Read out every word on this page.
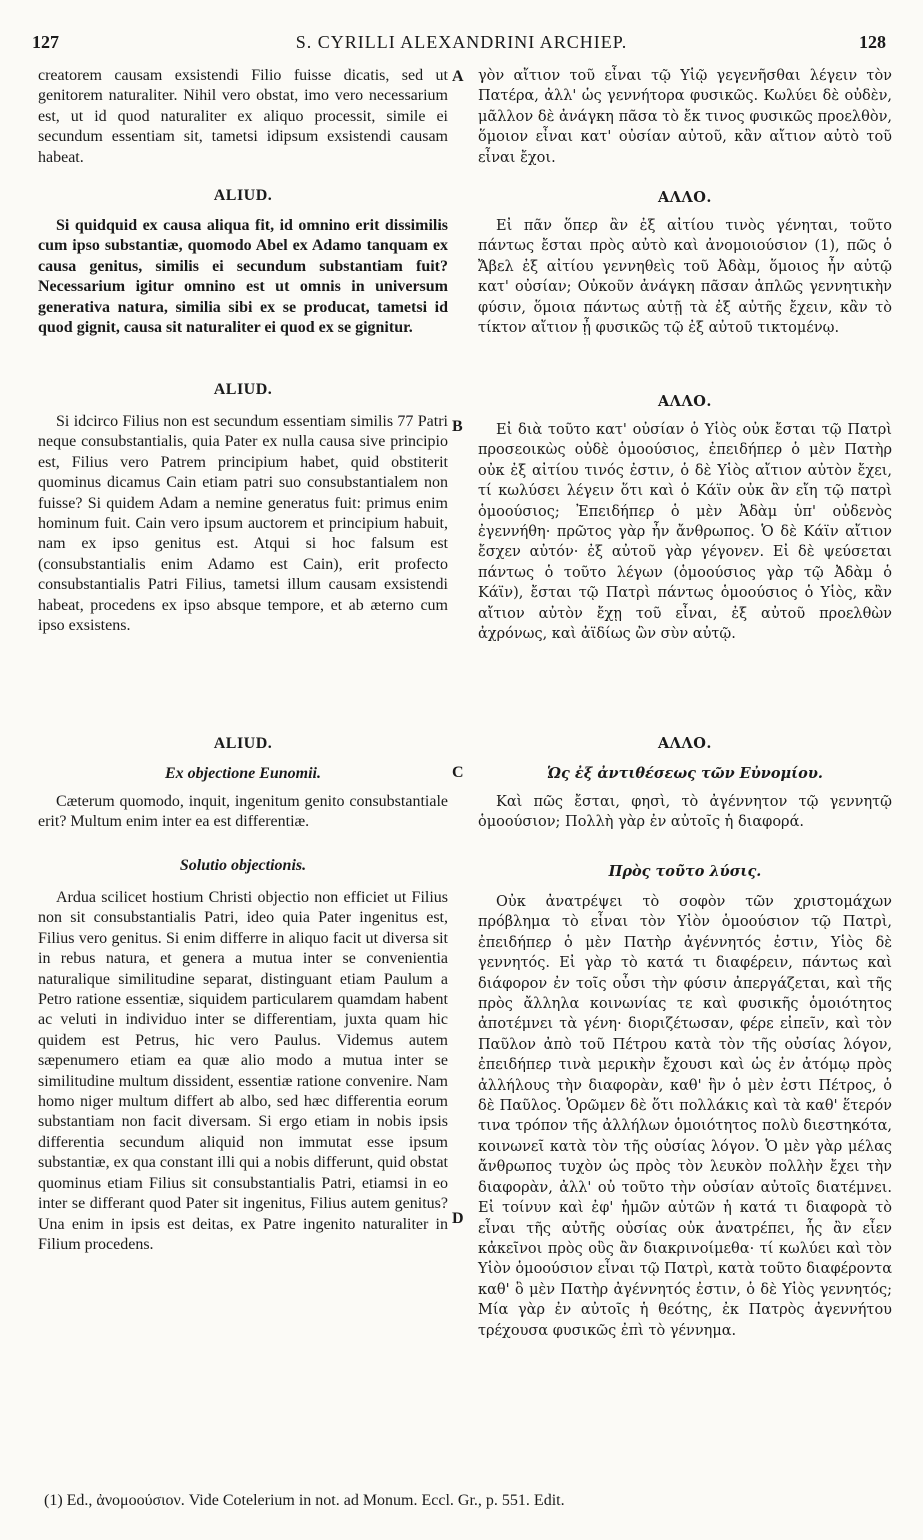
127	S. CYRILLI ALEXANDRINI ARCHIEP.	128

creatorem causam exsistendi Filio fuisse dicatis, sed ut genitorem naturaliter. Nihil vero obstat, imo vero necessarium est, ut id quod naturaliter ex aliquo processit, simile ei secundum essentiam sit, tametsi idipsum exsistendi causam habeat.

ALIUD.

Si quidquid ex causa aliqua fit, id omnino erit dissimilis cum ipso substantiæ, quomodo Abel ex Adamo tanquam ex causa genitus, similis ei secundum substantiam fuit? Necessarium igitur omnino est ut omnis in universum generativa natura, similia sibi ex se producat, tametsi id quod gignit, causa sit naturaliter ei quod ex se gignitur.

ALIUD.

Si idcirco Filius non est secundum essentiam similis 77 Patri neque consubstantialis, quia Pater ex nulla causa sive principio est, Filius vero Patrem principium habet, quid obstiterit quominus dicamus Cain etiam patri suo consubstantialem non fuisse? Si quidem Adam a nemine generatus fuit: primus enim hominum fuit. Cain vero ipsum auctorem et principium habuit, nam ex ipso genitus est. Atqui si hoc falsum est (consubstantialis enim Adamo est Cain), erit profecto consubstantialis Patri Filius, tametsi illum causam exsistendi habeat, procedens ex ipso absque tempore, et ab æterno cum ipso exsistens.

ALIUD.
Ex objectione Eunomii.

Cæterum quomodo, inquit, ingenitum genito consubstantiale erit? Multum enim inter ea est differentiæ.

Solutio objectionis.

Ardua scilicet hostium Christi objectio non efficiet ut Filius non sit consubstantialis Patri, ideo quia Pater ingenitus est, Filius vero genitus. Si enim differre in aliquo facit ut diversa sit in rebus natura, et genera a mutua inter se convenientia naturalique similitudine separat, distinguant etiam Paulum a Petro ratione essentiæ, siquidem particularem quamdam habent ac veluti in individuo inter se differentiam, juxta quam hic quidem est Petrus, hic vero Paulus. Videmus autem sæpenumero etiam ea quæ alio modo a mutua inter se similitudine multum dissident, essentiæ ratione convenire. Nam homo niger multum differt ab albo, sed hæc differentia eorum substantiam non facit diversam. Si ergo etiam in nobis ipsis differentia secundum aliquid non immutat esse ipsum substantiæ, ex qua constant illi qui a nobis differunt, quid obstat quominus etiam Filius sit consubstantialis Patri, etiamsi in eo inter se differant quod Pater sit ingenitus, Filius autem genitus? Una enim in ipsis est deitas, ex Patre ingenito naturaliter in Filium procedens.

A
B
C
D

γὸν αἴτιον τοῦ εἶναι τῷ Υἱῷ γεγενῆσθαι λέγειν τὸν Πατέρα, ἀλλ' ὡς γεννήτορα φυσικῶς. Κωλύει δὲ οὐδὲν, μᾶλλον δὲ ἀνάγκη πᾶσα τὸ ἔκ τινος φυσικῶς προελθὸν, ὅμοιον εἶναι κατ' οὐσίαν αὐτοῦ, κἂν αἴτιον αὐτὸ τοῦ εἶναι ἔχοι.

ΑΛΛΟ.

Εἰ πᾶν ὅπερ ἂν ἐξ αἰτίου τινὸς γένηται, τοῦτο πάντως ἔσται πρὸς αὐτὸ καὶ ἀνομοιούσιον (1), πῶς ὁ Ἄβελ ἐξ αἰτίου γεννηθεὶς τοῦ Ἀδὰμ, ὅμοιος ἦν αὐτῷ κατ' οὐσίαν; Οὐκοῦν ἀνάγκη πᾶσαν ἁπλῶς γεννητικὴν φύσιν, ὅμοια πάντως αὐτῇ τὰ ἐξ αὐτῆς ἔχειν, κἂν τὸ τίκτον αἴτιον ᾖ φυσικῶς τῷ ἐξ αὐτοῦ τικτομένῳ.

ΑΛΛΟ.

Εἰ διὰ τοῦτο κατ' οὐσίαν ὁ Υἱὸς οὐκ ἔσται τῷ Πατρὶ προσεοικὼς οὐδὲ ὁμοούσιος, ἐπειδήπερ ὁ μὲν Πατὴρ οὐκ ἐξ αἰτίου τινός ἐστιν, ὁ δὲ Υἱὸς αἴτιον αὐτὸν ἔχει, τί κωλύσει λέγειν ὅτι καὶ ὁ Κάϊν οὐκ ἂν εἴη τῷ πατρὶ ὁμοούσιος; Ἐπειδήπερ ὁ μὲν Ἀδὰμ ὑπ' οὐδενὸς ἐγεννήθη· πρῶτος γὰρ ἦν ἄνθρωπος. Ὁ δὲ Κάϊν αἴτιον ἔσχεν αὐτόν· ἐξ αὐτοῦ γὰρ γέγονεν. Εἰ δὲ ψεύσεται πάντως ὁ τοῦτο λέγων (ὁμοούσιος γὰρ τῷ Ἀδὰμ ὁ Κάϊν), ἔσται τῷ Πατρὶ πάντως ὁμοούσιος ὁ Υἱὸς, κἂν αἴτιον αὐτὸν ἔχῃ τοῦ εἶναι, ἐξ αὐτοῦ προελθὼν ἀχρόνως, καὶ ἀϊδίως ὢν σὺν αὐτῷ.

ΑΛΛΟ.
Ὡς ἐξ ἀντιθέσεως τῶν Εὐνομίου.

Καὶ πῶς ἔσται, φησὶ, τὸ ἀγέννητον τῷ γεννητῷ ὁμοούσιον; Πολλὴ γὰρ ἐν αὐτοῖς ἡ διαφορά.

Πρὸς τοῦτο λύσις.

Οὐκ ἀνατρέψει τὸ σοφὸν τῶν χριστομάχων πρόβλημα τὸ εἶναι τὸν Υἱὸν ὁμοούσιον τῷ Πατρὶ, ἐπειδήπερ ὁ μὲν Πατὴρ ἀγέννητός ἐστιν, Υἱὸς δὲ γεννητός. Εἰ γὰρ τὸ κατά τι διαφέρειν, πάντως καὶ διάφορον ἐν τοῖς οὖσι τὴν φύσιν ἀπεργάζεται, καὶ τῆς πρὸς ἄλληλα κοινωνίας τε καὶ φυσικῆς ὁμοιότητος ἀποτέμνει τὰ γένη· διοριζέτωσαν, φέρε εἰπεῖν, καὶ τὸν Παῦλον ἀπὸ τοῦ Πέτρου κατὰ τὸν τῆς οὐσίας λόγον, ἐπειδήπερ τινὰ μερικὴν ἔχουσι καὶ ὡς ἐν ἀτόμῳ πρὸς ἀλλήλους τὴν διαφορὰν, καθ' ἣν ὁ μὲν ἐστι Πέτρος, ὁ δὲ Παῦλος. Ὁρῶμεν δὲ ὅτι πολλάκις καὶ τὰ καθ' ἕτερόν τινα τρόπον τῆς ἀλλήλων ὁμοιότητος πολὺ διεστηκότα, κοινωνεῖ κατὰ τὸν τῆς οὐσίας λόγον. Ὁ μὲν γὰρ μέλας ἄνθρωπος τυχὸν ὡς πρὸς τὸν λευκὸν πολλὴν ἔχει τὴν διαφορὰν, ἀλλ' οὐ τοῦτο τὴν οὐσίαν αὐτοῖς διατέμνει. Εἰ τοίνυν καὶ ἐφ' ἡμῶν αὐτῶν ἡ κατά τι διαφορὰ τὸ εἶναι τῆς αὐτῆς οὐσίας οὐκ ἀνατρέπει, ἧς ἂν εἶεν κἀκεῖνοι πρὸς οὓς ἂν διακρινοίμεθα· τί κωλύει καὶ τὸν Υἱὸν ὁμοούσιον εἶναι τῷ Πατρὶ, κατὰ τοῦτο διαφέροντα καθ' ὃ μὲν Πατὴρ ἀγέννητός ἐστιν, ὁ δὲ Υἱὸς γεννητός; Μία γὰρ ἐν αὐτοῖς ἡ θεότης, ἐκ Πατρὸς ἀγεννήτου τρέχουσα φυσικῶς ἐπὶ τὸ γέννημα.

(1) Ed., ἀνομοούσιον. Vide Cotelerium in not. ad Monum. Eccl. Gr., p. 551. Edit.
